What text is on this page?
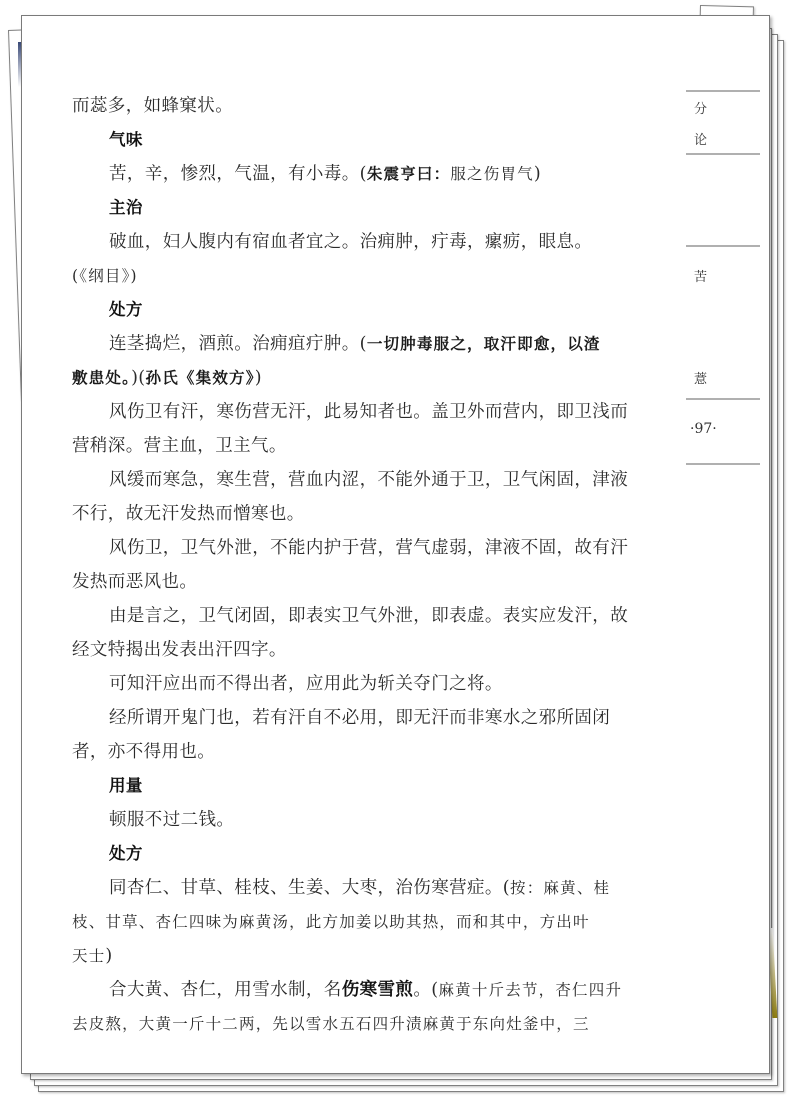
而蕊多，如蜂窠状。
气味
苦，辛，惨烈，气温，有小毒。(朱震亨曰：服之伤胃气)
主治
破血，妇人腹内有宿血者宜之。治痈肿，疔毒，瘰疬，眼息。
(《纲目》)
处方
连茎捣烂，酒煎。治痈疽疔肿。(一切肿毒服之，取汗即愈，以渣
敷患处。)(孙氏《集效方》)
风伤卫有汗，寒伤营无汗，此易知者也。盖卫外而营内，即卫浅而
营稍深。营主血，卫主气。
风缓而寒急，寒生营，营血内涩，不能外通于卫，卫气闲固，津液
不行，故无汗发热而憎寒也。
风伤卫，卫气外泄，不能内护于营，营气虚弱，津液不固，故有汗
发热而恶风也。
由是言之，卫气闭固，即表实卫气外泄，即表虚。表实应发汗，故
经文特揭出发表出汗四字。
可知汗应出而不得出者，应用此为斩关夺门之将。
经所谓开鬼门也，若有汗自不必用，即无汗而非寒水之邪所固闭
者，亦不得用也。
用量
顿服不过二钱。
处方
同杏仁、甘草、桂枝、生姜、大枣，治伤寒营症。(按：麻黄、桂
枝、甘草、杏仁四味为麻黄汤，此方加姜以助其热，而和其中，方出叶
天士)
合大黄、杏仁，用雪水制，名伤寒雪煎。(麻黄十斤去节，杏仁四升
去皮熬，大黄一斤十二两，先以雪水五石四升渍麻黄于东向灶釜中，三
分
论
苦
薏
·97·
